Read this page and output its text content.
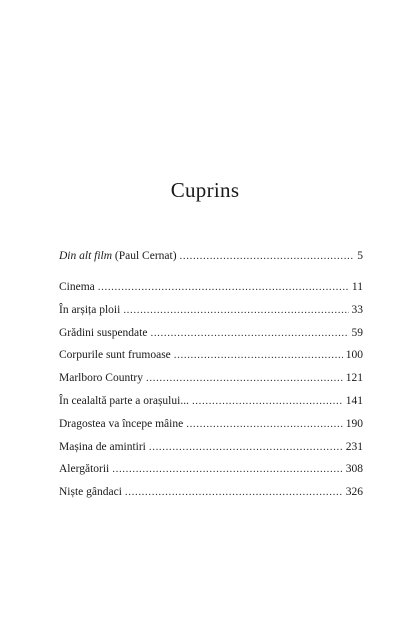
Cuprins
Din alt film (Paul Cernat) .....	5
Cinema .....	11
În arșița ploii .....	33
Grădini suspendate .....	59
Corpurile sunt frumoase .....	100
Marlboro Country .....	121
În cealaltă parte a orașului... .....	141
Dragostea va începe mâine .....	190
Mașina de amintiri .....	231
Alergătorii .....	308
Niște gândaci .....	326
